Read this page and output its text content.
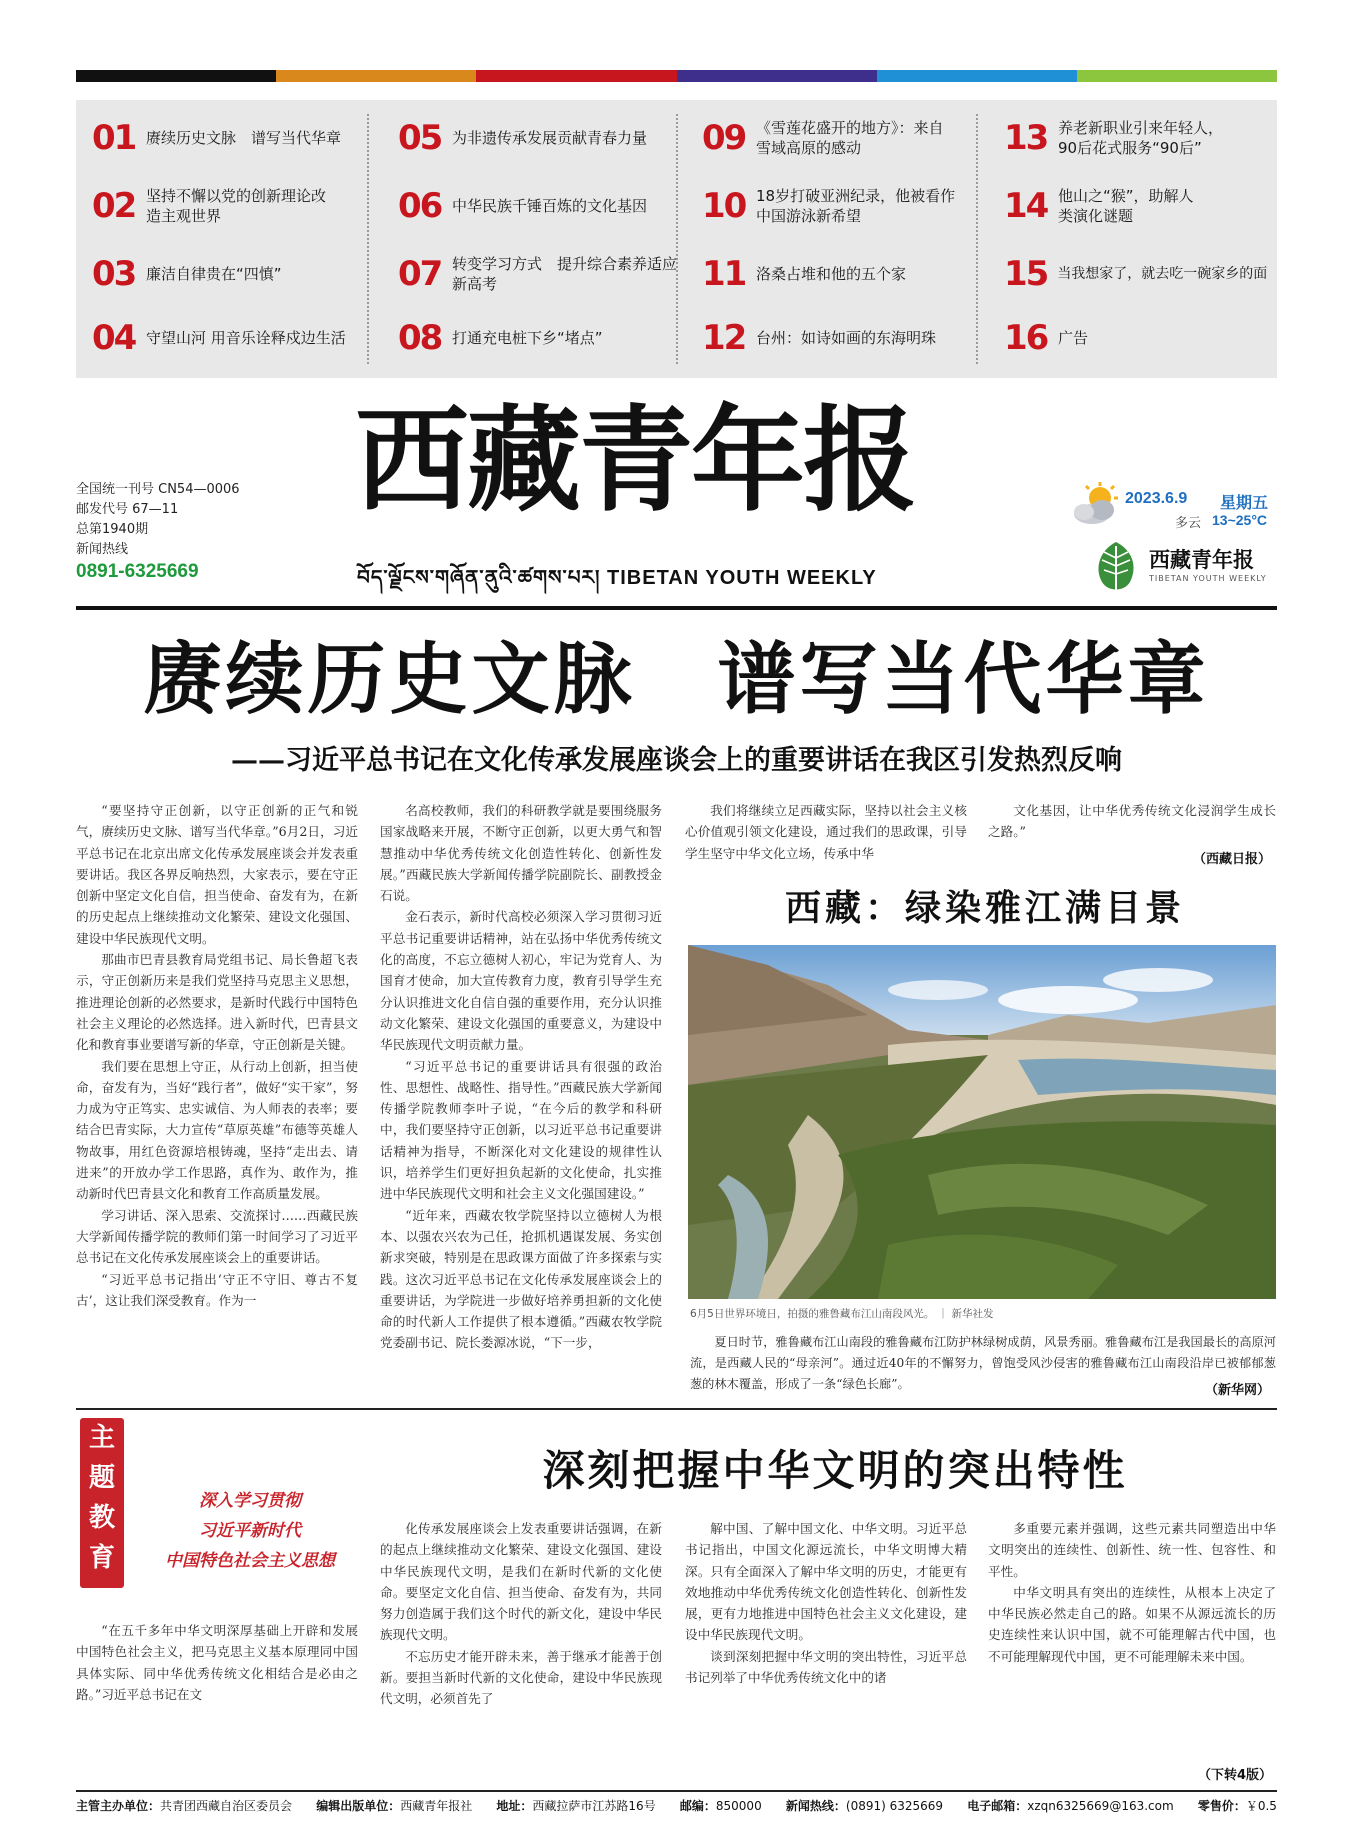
01 赓续历史文脉　谱写当代华章
02 坚持不懈以党的创新理论改造主观世界
03 廉洁自律贵在“四慎”
04 守望山河 用音乐诠释戍边生活
05 为非遗传承发展贡献青春力量
06 中华民族千锤百炼的文化基因
07 转变学习方式　提升综合素养适应新高考
08 打通充电桩下乡“堵点”
09 《雪莲花盛开的地方》：来自雪域高原的感动
10 18岁打破亚洲纪录，他被看作中国游泳新希望
11 洛桑占堆和他的五个家
12 台州：如诗如画的东海明珠
13 养老新职业引来年轻人，90后花式服务“90后”
14 他山之“猴”，助解人类演化谜题
15 当我想家了，就去吃一碗家乡的面
16 广告
全国统一刊号 CN54—0006
邮发代号 67—11
总第1940期
新闻热线
0891-6325669
西藏青年报
བོད་ལྗོངས་གཞོན་ནུའི་ཚགས་པར། TIBETAN YOUTH WEEKLY
2023.6.9 星期五
多云 13~25°C
西藏青年报
TIBETAN YOUTH WEEKLY
赓续历史文脉　谱写当代华章
——习近平总书记在文化传承发展座谈会上的重要讲话在我区引发热烈反响

“要坚持守正创新，以守正创新的正气和锐气，赓续历史文脉、谱写当代华章。”6月2日，习近平总书记在北京出席文化传承发展座谈会并发表重要讲话。我区各界反响热烈，大家表示，要在守正创新中坚定文化自信，担当使命、奋发有为，在新的历史起点上继续推动文化繁荣、建设文化强国、建设中华民族现代文明。

那曲市巴青县教育局党组书记、局长鲁超飞表示，守正创新历来是我们党坚持马克思主义思想，推进理论创新的必然要求，是新时代践行中国特色社会主义理论的必然选择。进入新时代，巴青县文化和教育事业要谱写新的华章，守正创新是关键。

我们要在思想上守正，从行动上创新，担当使命，奋发有为，当好“践行者”，做好“实干家”，努力成为守正笃实、忠实诚信、为人师表的表率；要结合巴青实际，大力宣传“草原英雄”布德等英雄人物故事，用红色资源培根铸魂，坚持“走出去、请进来”的开放办学工作思路，真作为、敢作为，推动新时代巴青县文化和教育工作高质量发展。

学习讲话、深入思索、交流探讨……西藏民族大学新闻传播学院的教师们第一时间学习了习近平总书记在文化传承发展座谈会上的重要讲话。

“习近平总书记指出‘守正不守旧、尊古不复古’，这让我们深受教育。作为一

名高校教师，我们的科研教学就是要围绕服务国家战略来开展，不断守正创新，以更大勇气和智慧推动中华优秀传统文化创造性转化、创新性发展。”西藏民族大学新闻传播学院副院长、副教授金石说。

金石表示，新时代高校必须深入学习贯彻习近平总书记重要讲话精神，站在弘扬中华优秀传统文化的高度，不忘立德树人初心，牢记为党育人、为国育才使命，加大宣传教育力度，教育引导学生充分认识推进文化自信自强的重要作用，充分认识推动文化繁荣、建设文化强国的重要意义，为建设中华民族现代文明贡献力量。

“习近平总书记的重要讲话具有很强的政治性、思想性、战略性、指导性。”西藏民族大学新闻传播学院教师李叶子说，“在今后的教学和科研中，我们要坚持守正创新，以习近平总书记重要讲话精神为指导，不断深化对文化建设的规律性认识，培养学生们更好担负起新的文化使命，扎实推进中华民族现代文明和社会主义文化强国建设。”

“近年来，西藏农牧学院坚持以立德树人为根本、以强农兴农为己任，抢抓机遇谋发展、务实创新求突破，特别是在思政课方面做了许多探索与实践。这次习近平总书记在文化传承发展座谈会上的重要讲话，为学院进一步做好培养勇担新的文化使命的时代新人工作提供了根本遵循。”西藏农牧学院党委副书记、院长娄源冰说，“下一步，

我们将继续立足西藏实际，坚持以社会主义核心价值观引领文化建设，通过我们的思政课，引导学生坚守中华文化立场，传承中华

文化基因，让中华优秀传统文化浸润学生成长之路。”

（西藏日报）
西藏：绿染雅江满目景
6月5日世界环境日，拍摄的雅鲁藏布江山南段风光。 ｜ 新华社发
夏日时节，雅鲁藏布江山南段的雅鲁藏布江防护林绿树成荫，风景秀丽。雅鲁藏布江是我国最长的高原河流，是西藏人民的“母亲河”。通过近40年的不懈努力，曾饱受风沙侵害的雅鲁藏布江山南段沿岸已被郁郁葱葱的林木覆盖，形成了一条“绿色长廊”。	（新华网）
主
题
教
育
深入学习贯彻
习近平新时代
中国特色社会主义思想
深刻把握中华文明的突出特性

“在五千多年中华文明深厚基础上开辟和发展中国特色社会主义，把马克思主义基本原理同中国具体实际、同中华优秀传统文化相结合是必由之路。”习近平总书记在文

化传承发展座谈会上发表重要讲话强调，在新的起点上继续推动文化繁荣、建设文化强国、建设中华民族现代文明，是我们在新时代新的文化使命。要坚定文化自信、担当使命、奋发有为，共同努力创造属于我们这个时代的新文化，建设中华民族现代文明。

不忘历史才能开辟未来，善于继承才能善于创新。要担当新时代新的文化使命，建设中华民族现代文明，必须首先了

解中国、了解中国文化、中华文明。习近平总书记指出，中国文化源远流长，中华文明博大精深。只有全面深入了解中华文明的历史，才能更有效地推动中华优秀传统文化创造性转化、创新性发展，更有力地推进中国特色社会主义文化建设，建设中华民族现代文明。

谈到深刻把握中华文明的突出特性，习近平总书记列举了中华优秀传统文化中的诸

多重要元素并强调，这些元素共同塑造出中华文明突出的连续性、创新性、统一性、包容性、和平性。

中华文明具有突出的连续性，从根本上决定了中华民族必然走自己的路。如果不从源远流长的历史连续性来认识中国，就不可能理解古代中国，也不可能理解现代中国，更不可能理解未来中国。

（下转4版）
主管主办单位：共青团西藏自治区委员会 编辑出版单位：西藏青年报社 地址：西藏拉萨市江苏路16号 邮编：850000 新闻热线：(0891) 6325669 电子邮箱：xzqn6325669@163.com 零售价：￥0.5
